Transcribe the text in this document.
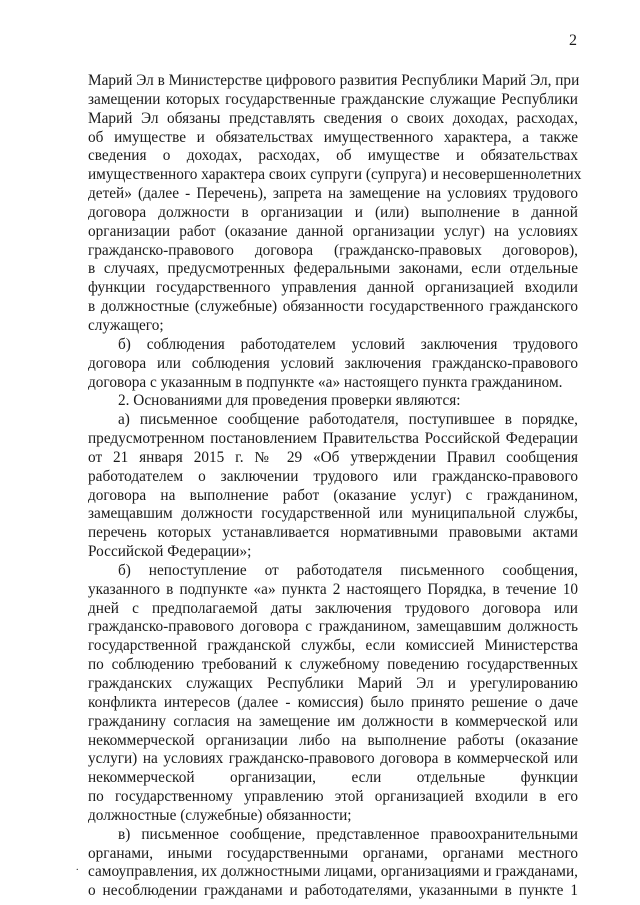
2
Марий Эл в Министерстве цифрового развития Республики Марий Эл, при
замещении которых государственные гражданские служащие Республики
Марий Эл обязаны представлять сведения о своих доходах, расходах,
об имуществе и обязательствах имущественного характера, а также
сведения о доходах, расходах, об имуществе и обязательствах
имущественного характера своих супруги (супруга) и несовершеннолетних
детей» (далее - Перечень), запрета на замещение на условиях трудового
договора должности в организации и (или) выполнение в данной
организации работ (оказание данной организации услуг) на условиях
гражданско-правового договора (гражданско-правовых договоров),
в случаях, предусмотренных федеральными законами, если отдельные
функции государственного управления данной организацией входили
в должностные (служебные) обязанности государственного гражданского
служащего;
б) соблюдения работодателем условий заключения трудового
договора или соблюдения условий заключения гражданско-правового
договора с указанным в подпункте «а» настоящего пункта гражданином.
2. Основаниями для проведения проверки являются:
а) письменное сообщение работодателя, поступившее в порядке,
предусмотренном постановлением Правительства Российской Федерации
от 21 января 2015 г. № 29 «Об утверждении Правил сообщения
работодателем о заключении трудового или гражданско-правового
договора на выполнение работ (оказание услуг) с гражданином,
замещавшим должности государственной или муниципальной службы,
перечень которых устанавливается нормативными правовыми актами
Российской Федерации»;
б) непоступление от работодателя письменного сообщения,
указанного в подпункте «а» пункта 2 настоящего Порядка, в течение 10
дней с предполагаемой даты заключения трудового договора или
гражданско-правового договора с гражданином, замещавшим должность
государственной гражданской службы, если комиссией Министерства
по соблюдению требований к служебному поведению государственных
гражданских служащих Республики Марий Эл и урегулированию
конфликта интересов (далее - комиссия) было принято решение о даче
гражданину согласия на замещение им должности в коммерческой или
некоммерческой организации либо на выполнение работы (оказание
услуги) на условиях гражданско-правового договора в коммерческой или
некоммерческой организации, если отдельные функции
по государственному управлению этой организацией входили в его
должностные (служебные) обязанности;
в) письменное сообщение, представленное правоохранительными
органами, иными государственными органами, органами местного
самоуправления, их должностными лицами, организациями и гражданами,
о несоблюдении гражданами и работодателями, указанными в пункте 1
.
